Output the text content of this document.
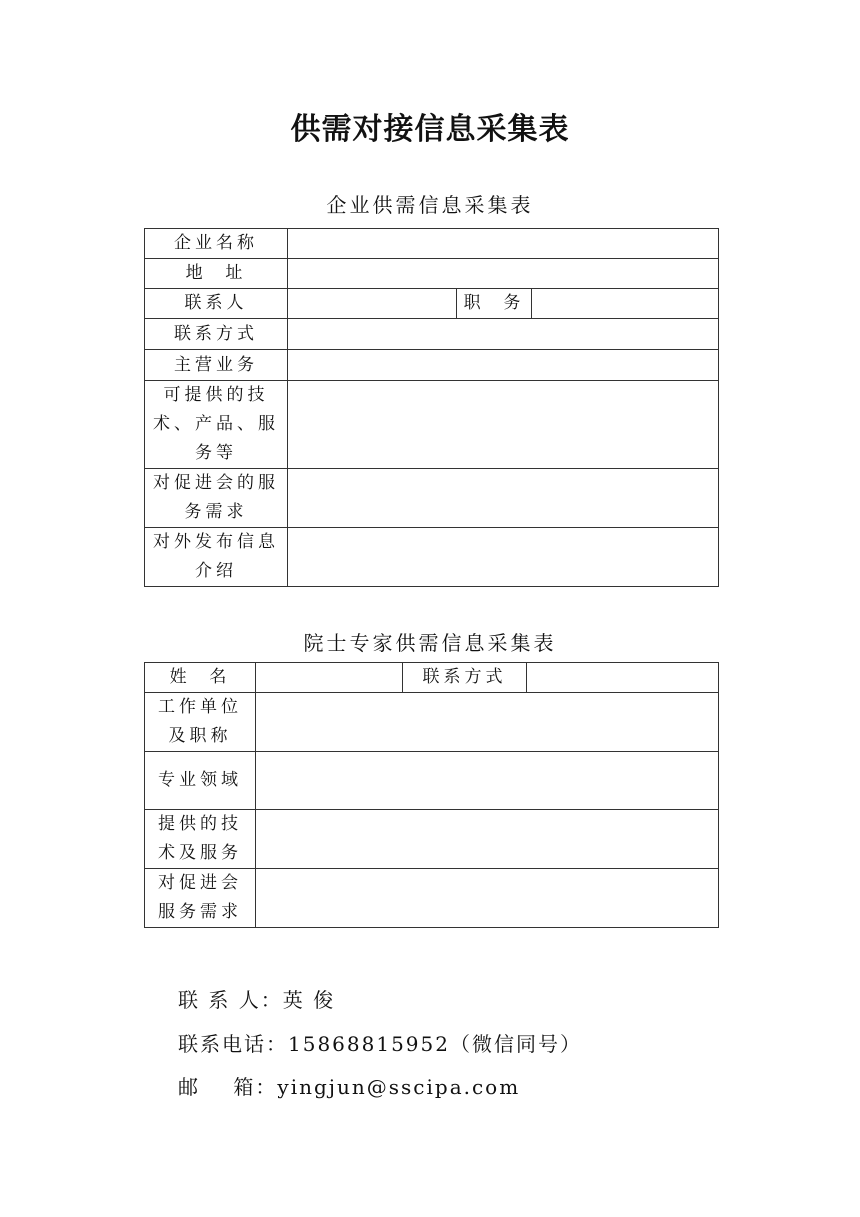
供需对接信息采集表
企业供需信息采集表
企业名称			
地  址			
联系人		职  务	
联系方式			
主营业务			
可提供的技术、产品、服务等			
对促进会的服务需求			
对外发布信息介绍			
院士专家供需信息采集表
姓  名		联系方式	
工作单位及职称			
专业领域			
提供的技术及服务			
对促进会服务需求			
联 系 人：英 俊
联系电话：15868815952（微信同号）
邮    箱：yingjun@sscipa.com
